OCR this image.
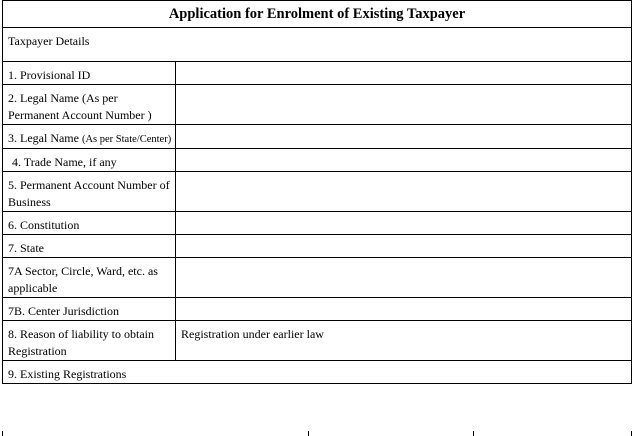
Application for Enrolment of Existing Taxpayer	
Taxpayer Details	
1. Provisional ID	
2. Legal Name (As per Permanent Account Number )	
3. Legal Name (As per State/Center)	
4. Trade Name, if any	
5. Permanent Account Number of Business	
6. Constitution	
7. State	
7A Sector, Circle, Ward, etc. as applicable	
7B. Center Jurisdiction	
8. Reason of liability to obtain Registration	Registration under earlier law
9. Existing Registrations	
